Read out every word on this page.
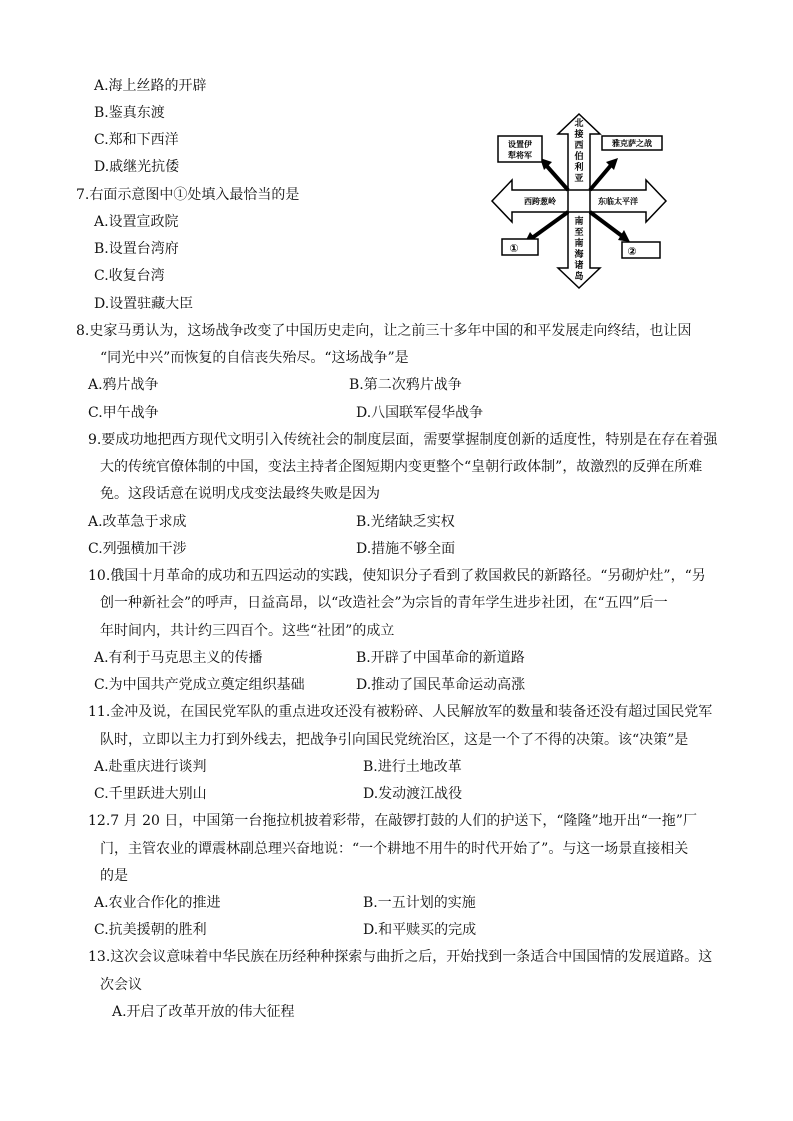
A.海上丝路的开辟
B.鉴真东渡
C.郑和下西洋
D.戚继光抗倭
7.右面示意图中①处填入最恰当的是
A.设置宣政院
B.设置台湾府
C.收复台湾
D.设置驻藏大臣
设置伊
犁将军
雅克萨之战
①	②
西跨葱岭	东临太平洋
北
接
西
伯
利
亚
南
至
南
海
诸
岛
8.史家马勇认为，这场战争改变了中国历史走向，让之前三十多年中国的和平发展走向终结，也让因
“同光中兴”而恢复的自信丧失殆尽。“这场战争”是
A.鸦片战争	B.第二次鸦片战争
C.甲午战争	D.八国联军侵华战争
9.要成功地把西方现代文明引入传统社会的制度层面，需要掌握制度创新的适度性，特别是在存在着强
大的传统官僚体制的中国，变法主持者企图短期内变更整个“皇朝行政体制”，故激烈的反弹在所难
免。这段话意在说明戊戌变法最终失败是因为
A.改革急于求成	B.光绪缺乏实权
C.列强横加干涉	D.措施不够全面
10.俄国十月革命的成功和五四运动的实践，使知识分子看到了救国救民的新路径。“另砌炉灶”，“另
创一种新社会”的呼声，日益高昂，以“改造社会”为宗旨的青年学生进步社团，在“五四”后一
年时间内，共计约三四百个。这些“社团”的成立
A.有利于马克思主义的传播	B.开辟了中国革命的新道路
C.为中国共产党成立奠定组织基础	D.推动了国民革命运动高涨
11.金冲及说，在国民党军队的重点进攻还没有被粉碎、人民解放军的数量和装备还没有超过国民党军
队时，立即以主力打到外线去，把战争引向国民党统治区，这是一个了不得的决策。该“决策”是
A.赴重庆进行谈判	B.进行土地改革
C.千里跃进大别山	D.发动渡江战役
12.7 月 20 日，中国第一台拖拉机披着彩带，在敲锣打鼓的人们的护送下，“隆隆”地开出“一拖”厂
门，主管农业的谭震林副总理兴奋地说：“一个耕地不用牛的时代开始了”。与这一场景直接相关
的是
A.农业合作化的推进	B.一五计划的实施
C.抗美援朝的胜利	D.和平赎买的完成
13.这次会议意味着中华民族在历经种种探索与曲折之后，开始找到一条适合中国国情的发展道路。这
次会议
A.开启了改革开放的伟大征程
